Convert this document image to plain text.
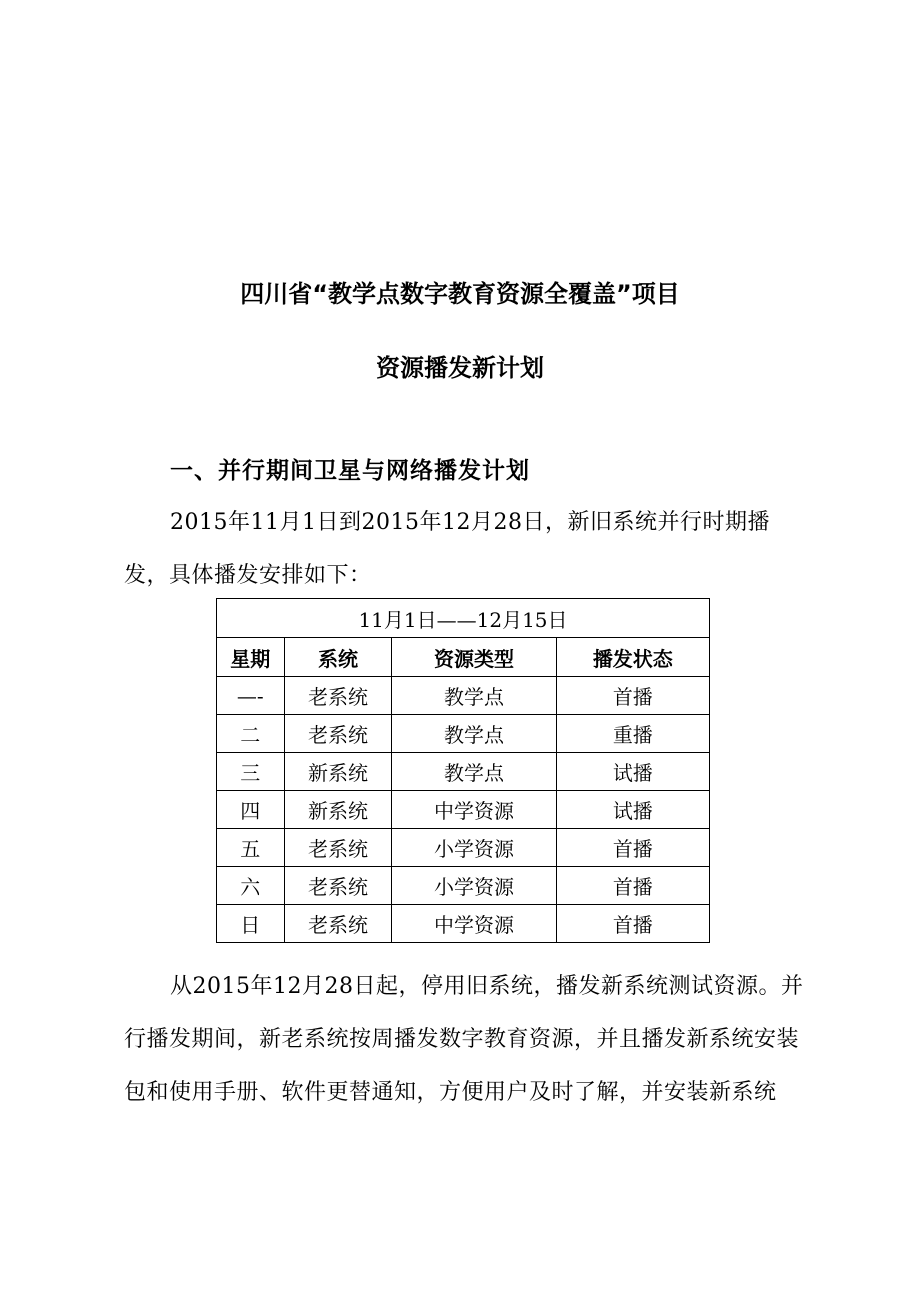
四川省“教学点数字教育资源全覆盖”项目
资源播发新计划
一、并行期间卫星与网络播发计划

2015年11月1日到2015年12月28日，新旧系统并行时期播发，具体播发安排如下：

11月1日——12月15日			
星期	系统	资源类型	播发状态
—-	老系统	教学点	首播
二	老系统	教学点	重播
三	新系统	教学点	试播
四	新系统	中学资源	试播
五	老系统	小学资源	首播
六	老系统	小学资源	首播
日	老系统	中学资源	首播

从2015年12月28日起，停用旧系统，播发新系统测试资源。并行播发期间，新老系统按周播发数字教育资源，并且播发新系统安装包和使用手册、软件更替通知，方便用户及时了解，并安装新系统
